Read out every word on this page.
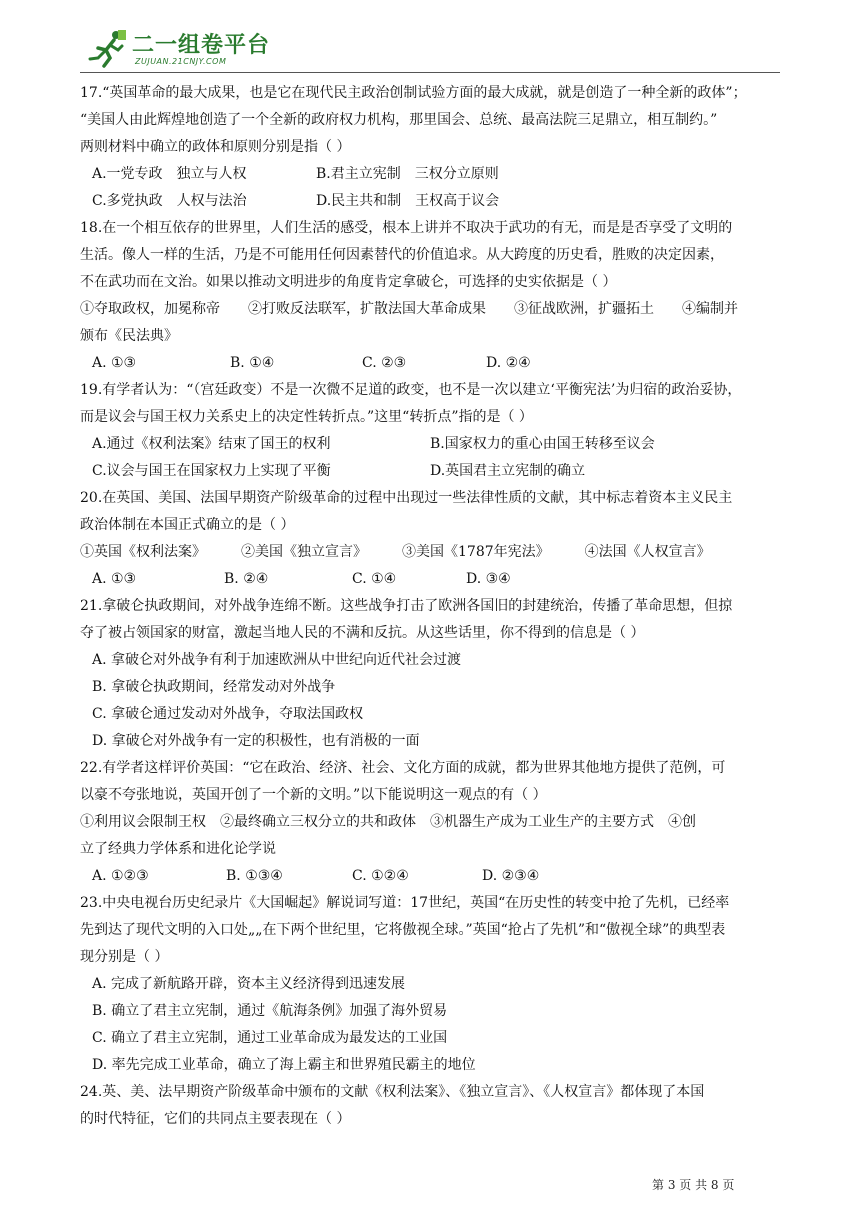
二一组卷平台
ZUJUAN.21CNJY.COM

17.“英国革命的最大成果，也是它在现代民主政治创制试验方面的最大成就，就是创造了一种全新的政体”；

“美国人由此辉煌地创造了一个全新的政府权力机构，那里国会、总统、最高法院三足鼎立，相互制约。”

两则材料中确立的政体和原则分别是指（ ）

A.一党专政　独立与人权	B.君主立宪制　三权分立原则
C.多党执政　人权与法治	D.民主共和制　王权高于议会

18.在一个相互依存的世界里，人们生活的感受，根本上讲并不取决于武功的有无，而是是否享受了文明的

生活。像人一样的生活，乃是不可能用任何因素替代的价值追求。从大跨度的历史看，胜败的决定因素，

不在武功而在文治。如果以推动文明进步的角度肯定拿破仑，可选择的史实依据是（ ）

①夺取政权，加冕称帝　　②打败反法联军，扩散法国大革命成果　　③征战欧洲，扩疆拓土　　④编制并

颁布《民法典》

A. ①③	B. ①④	C. ②③	D. ②④

19.有学者认为：“（宫廷政变）不是一次微不足道的政变，也不是一次以建立‘平衡宪法’为归宿的政治妥协，

而是议会与国王权力关系史上的决定性转折点。”这里“转折点”指的是（ ）

A.通过《权利法案》结束了国王的权利	B.国家权力的重心由国王转移至议会
C.议会与国王在国家权力上实现了平衡	D.英国君主立宪制的确立

20.在英国、美国、法国早期资产阶级革命的过程中出现过一些法律性质的文献，其中标志着资本主义民主

政治体制在本国正式确立的是（ ）

①英国《权利法案》　　　②美国《独立宣言》　　　③美国《1787年宪法》　　　④法国《人权宣言》

A. ①③	B. ②④	C. ①④	D. ③④

21.拿破仑执政期间，对外战争连绵不断。这些战争打击了欧洲各国旧的封建统治，传播了革命思想，但掠

夺了被占领国家的财富，激起当地人民的不满和反抗。从这些话里，你不得到的信息是（ ）

A. 拿破仑对外战争有利于加速欧洲从中世纪向近代社会过渡

B. 拿破仑执政期间，经常发动对外战争

C. 拿破仑通过发动对外战争，夺取法国政权

D. 拿破仑对外战争有一定的积极性，也有消极的一面

22.有学者这样评价英国：“它在政治、经济、社会、文化方面的成就，都为世界其他地方提供了范例，可

以豪不夸张地说，英国开创了一个新的文明。”以下能说明这一观点的有（ ）

①利用议会限制王权　②最终确立三权分立的共和政体　③机器生产成为工业生产的主要方式　④创

立了经典力学体系和进化论学说

A. ①②③	B. ①③④	C. ①②④	D. ②③④

23.中央电视台历史纪录片《大国崛起》解说词写道：17世纪，英国“在历史性的转变中抢了先机，已经率

先到达了现代文明的入口处„„在下两个世纪里，它将傲视全球。”英国“抢占了先机”和“傲视全球”的典型表

现分别是（ ）

A. 完成了新航路开辟，资本主义经济得到迅速发展

B. 确立了君主立宪制，通过《航海条例》加强了海外贸易

C. 确立了君主立宪制，通过工业革命成为最发达的工业国

D. 率先完成工业革命，确立了海上霸主和世界殖民霸主的地位

24.英、美、法早期资产阶级革命中颁布的文献《权利法案》、《独立宣言》、《人权宣言》都体现了本国

的时代特征，它们的共同点主要表现在（ ）

第 3 页 共 8 页
